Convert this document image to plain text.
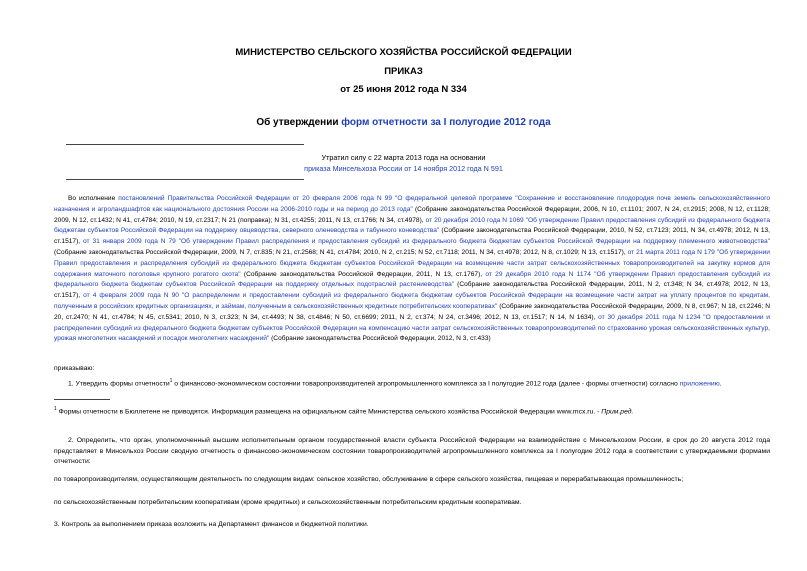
МИНИСТЕРСТВО СЕЛЬСКОГО ХОЗЯЙСТВА РОССИЙСКОЙ ФЕДЕРАЦИИ
ПРИКАЗ
от 25 июня 2012 года N 334
Об утверждении форм отчетности за I полугодие 2012 года
Утратил силу с 22 марта 2013 года на основании
приказа Минсельхоза России от 14 ноября 2012 года N 591
Во исполнение постановлений Правительства Российской Федерации от 20 февраля 2006 года N 99 "О федеральной целевой программе "Сохранение и восстановление плодородия почв земель сельскохозяйственного назначения и агроландшафтов как национального достояния России на 2006-2010 годы и на период до 2013 года" (Собрание законодательства Российской Федерации, 2006, N 10, ст.1101; 2007, N 24, ст.2915; 2008, N 12, ст.1128; 2009, N 12, ст.1432; N 41, ст.4784; 2010, N 19, ст.2317; N 21 (поправка); N 31, ст.4255; 2011, N 13, ст.1766; N 34, ст.4978), от 20 декабря 2010 года N 1069 "Об утверждении Правил предоставления субсидий из федерального бюджета бюджетам субъектов Российской Федерации на поддержку овцеводства, северного оленеводства и табунного коневодства" (Собрание законодательства Российской Федерации, 2010, N 52, ст.7123; 2011, N 34, ст.4978; 2012, N 13, ст.1517), от 31 января 2009 года N 79 "Об утверждении Правил распределения и предоставления субсидий из федерального бюджета бюджетам субъектов Российской Федерации на поддержку племенного животноводства" (Собрание законодательства Российской Федерации, 2009, N 7, ст.835; N 21, ст.2568; N 41, ст.4784; 2010, N 2, ст.215; N 52, ст.7118; 2011, N 34, ст.4978; 2012, N 8, ст.1029; N 13, ст.1517), от 21 марта 2011 года N 179 "Об утверждении Правил предоставления и распределения субсидий из федерального бюджета бюджетам субъектов Российской Федерации на возмещение части затрат сельскохозяйственных товаропроизводителей на закупку кормов для содержания маточного поголовья крупного рогатого скота" (Собрание законодательства Российской Федерации, 2011, N 13, ст.1767), от 29 декабря 2010 года N 1174 "Об утверждении Правил предоставления субсидий из федерального бюджета бюджетам субъектов Российской Федерации на поддержку отдельных подотраслей растениеводства" (Собрание законодательства Российской Федерации, 2011, N 2, ст.348; N 34, ст.4978; 2012, N 13, ст.1517), от 4 февраля 2009 года N 90 "О распределении и предоставлении субсидий из федерального бюджета бюджетам субъектов Российской Федерации на возмещение части затрат на уплату процентов по кредитам, полученным в российских кредитных организациях, и займам, полученным в сельскохозяйственных кредитных потребительских кооперативах" (Собрание законодательства Российской Федерации, 2009, N 8, ст.967; N 18, ст.2246; N 20, ст.2470; N 41, ст.4784; N 45, ст.5341; 2010, N 3, ст.323; N 34, ст.4493; N 38, ст.4846; N 50, ст.6699; 2011, N 2, ст.374; N 24, ст.3496; 2012, N 13, ст.1517; N 14, N 1634), от 30 декабря 2011 года N 1234 "О предоставлении и распределении субсидий из федерального бюджета бюджетам субъектов Российской Федерации на компенсацию части затрат сельскохозяйственных товаропроизводителей по страхованию урожая сельскохозяйственных культур, урожая многолетних насаждений и посадок многолетних насаждений" (Собрание законодательства Российской Федерации, 2012, N 3, ст.433)
приказываю:
1. Утвердить формы отчетности$^1$ о финансово-экономическом состоянии товаропроизводителей агропромышленного комплекса за I полугодие 2012 года (далее - формы отчетности) согласно приложению.
$^1$ Формы отчетности в Бюллетене не приводятся. Информация размещена на официальном сайте Министерства сельского хозяйства Российской Федерации www.mcx.ru. - Прим.ред.
2. Определить, что орган, уполномоченный высшим исполнительным органом государственной власти субъекта Российской Федерации на взаимодействие с Минсельхозом России, в срок до 20 августа 2012 года представляет в Минсельхоз России сводную отчетность о финансово-экономическом состоянии товаропроизводителей агропромышленного комплекса за I полугодие 2012 года в соответствии с утверждаемыми формами отчетности:
по товаропроизводителям, осуществляющим деятельность по следующим видам: сельское хозяйство, обслуживание в сфере сельского хозяйства, пищевая и перерабатывающая промышленность;
по сельскохозяйственным потребительским кооперативам (кроме кредитных) и сельскохозяйственным потребительским кредитным кооперативам.
3. Контроль за выполнением приказа возложить на Департамент финансов и бюджетной политики.
